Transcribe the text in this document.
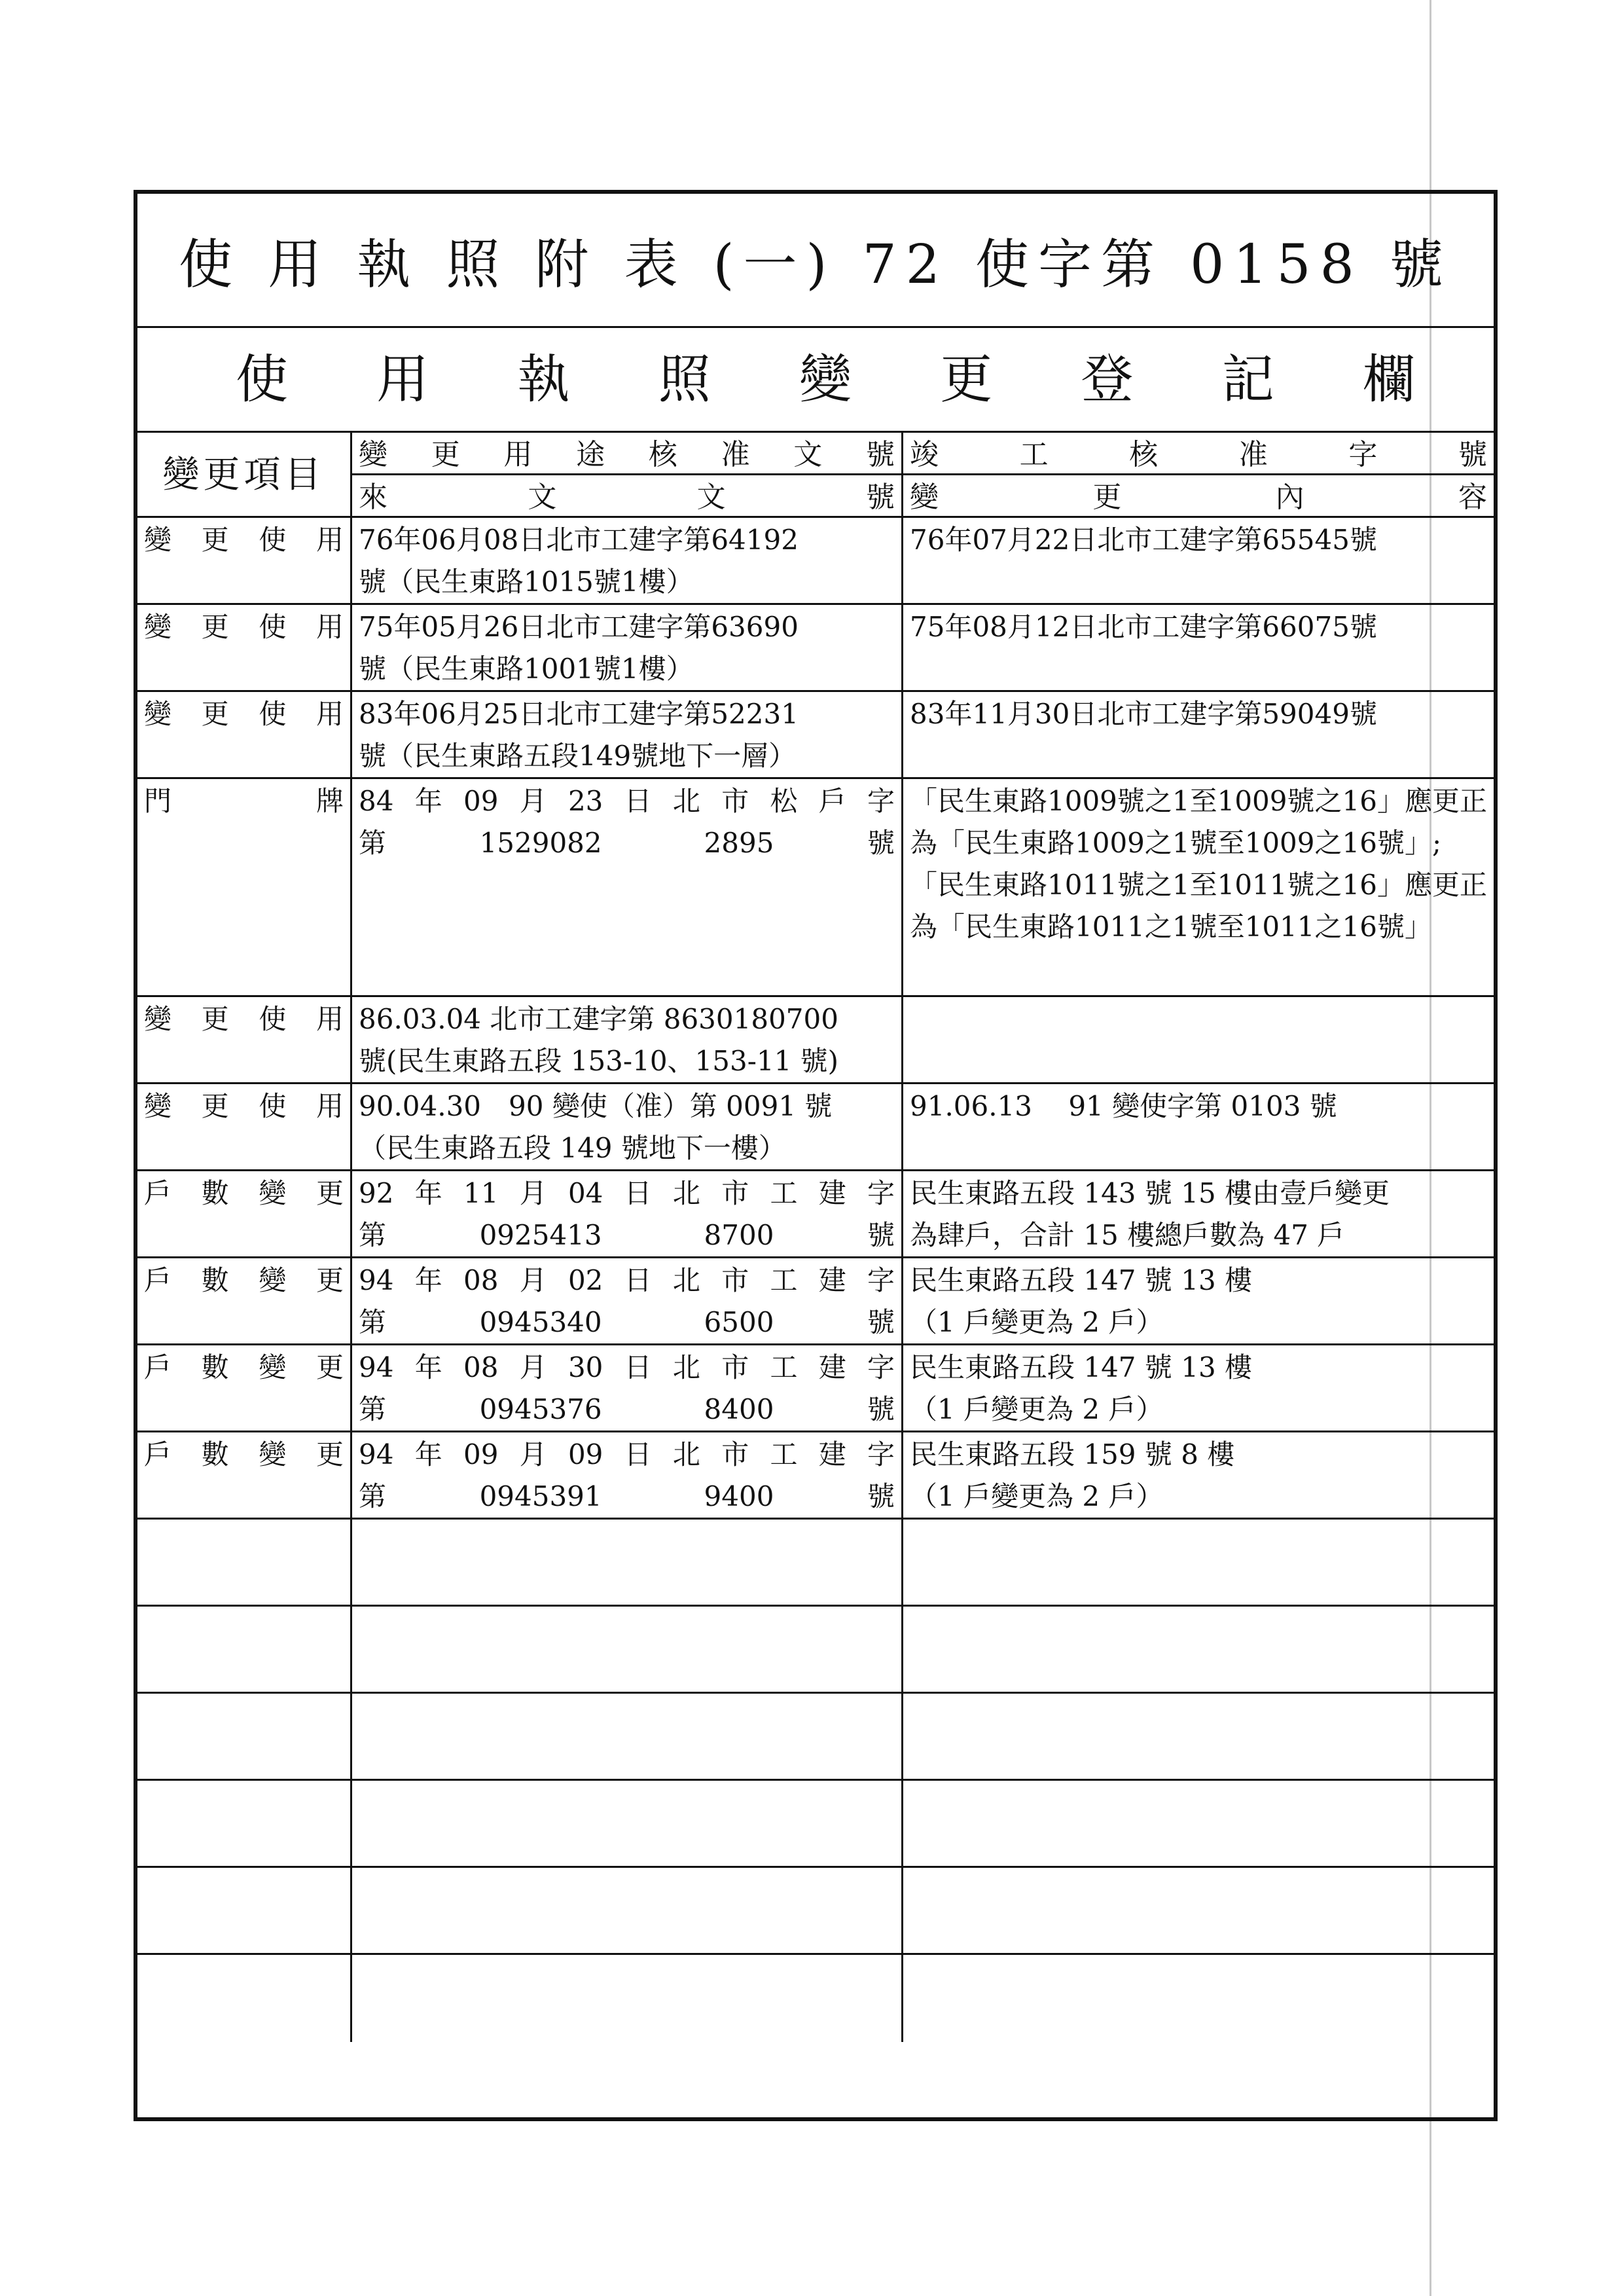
使 用 執 照 附 表 (一) 72 使字第 0158 號
使 用 執 照 變 更 登 記 欄
變更項目	變更用途核准文號 竣工核准字號
來文文號 變更內容
變更使用 76年06月08日北市工建字第64192
號（民生東路1015號1樓）
76年07月22日北市工建字第65545號
變更使用 75年05月26日北市工建字第63690
號（民生東路1001號1樓）
75年08月12日北市工建字第66075號
變更使用 83年06月25日北市工建字第52231
號（民生東路五段149號地下一層）
83年11月30日北市工建字第59049號
門牌 84年09月23日北市松戶字
第1529082 2895號
「民生東路1009號之1至1009號之16」應更正為「民生東路1009之1號至1009之16號」;「民生東路1011號之1至1011號之16」應更正為「民生東路1011之1號至1011之16號」
變更使用 86.03.04 北市工建字第 8630180700
號(民生東路五段 153-10、153-11 號)
變更使用 90.04.30　90 變使（准）第 0091 號
（民生東路五段 149 號地下一樓）
91.06.13　 91 變使字第 0103 號
戶數變更 92年11月04日北市工建字
第0925413 8700號
民生東路五段 143 號 15 樓由壹戶變更
為肆戶，合計 15 樓總戶數為 47 戶
戶數變更 94年08月02日北市工建字
第0945340 6500號
民生東路五段 147 號 13 樓
（1 戶變更為 2 戶）
戶數變更 94年08月30日北市工建字
第0945376 8400號
民生東路五段 147 號 13 樓
（1 戶變更為 2 戶）
戶數變更 94年09月09日北市工建字
第0945391 9400號
民生東路五段 159 號 8 樓
（1 戶變更為 2 戶）
